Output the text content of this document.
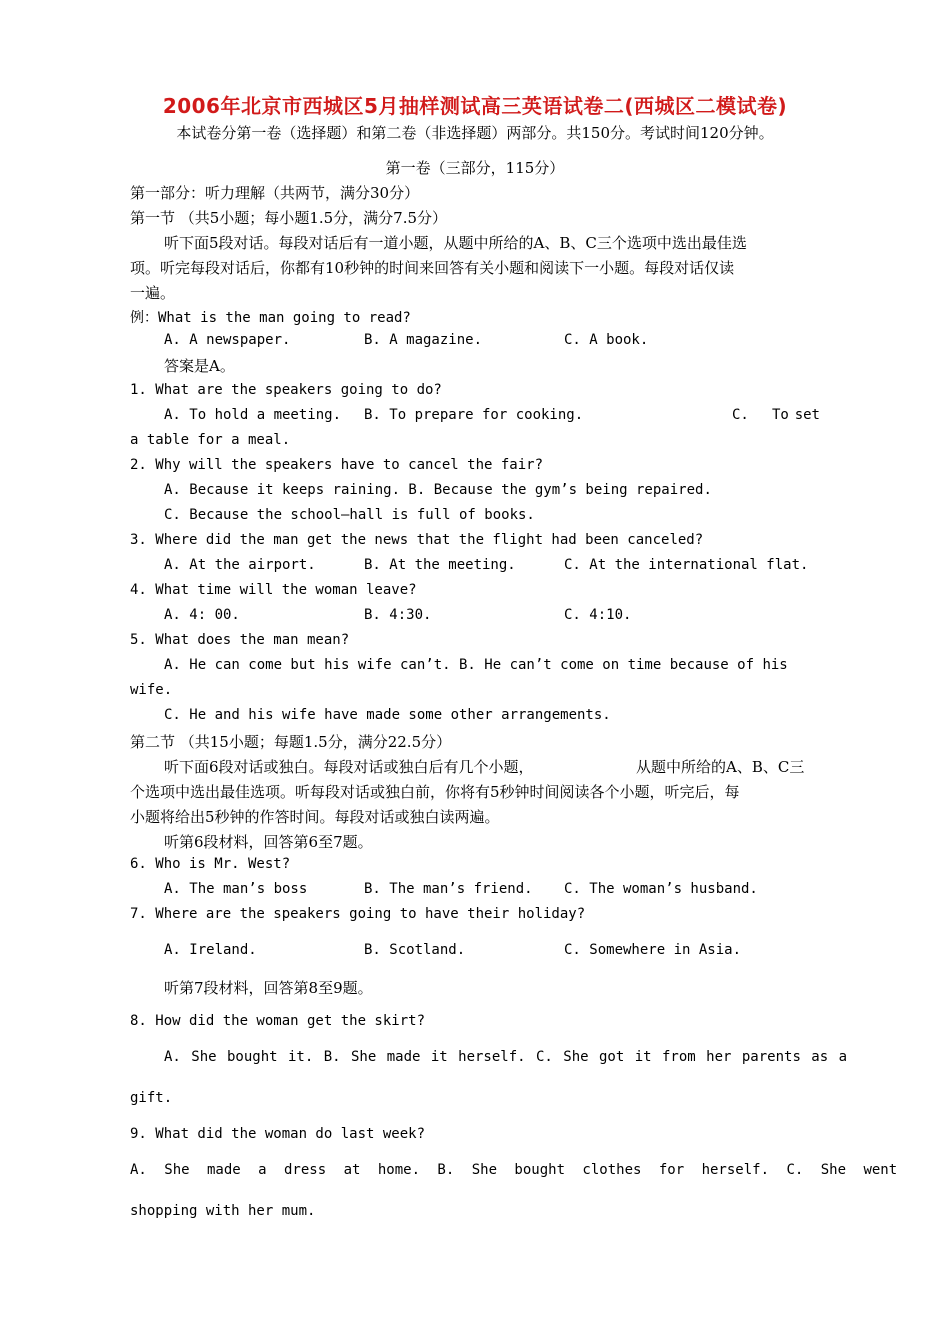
2006年北京市西城区5月抽样测试高三英语试卷二(西城区二模试卷)
本试卷分第一卷（选择题）和第二卷（非选择题）两部分。共150分。考试时间120分钟。
第一卷（三部分，115分）
第一部分：听力理解（共两节，满分30分）
第一节 （共5小题；每小题1.5分，满分7.5分）
听下面5段对话。每段对话后有一道小题，从题中所给的A、B、C三个选项中选出最佳选
项。听完每段对话后，你都有10秒钟的时间来回答有关小题和阅读下一小题。每段对话仅读
一遍。
例：What is the man going to read?
A. A newspaper.	B. A magazine.	C. A book.
答案是A。
1. What are the speakers going to do?
A. To hold a meeting. B. To prepare for cooking.	C. To set
a table for a meal.
2. Why will the speakers have to cancel the fair?
A. Because it keeps raining. B. Because the gym’s being repaired.
C. Because the school—hall is full of books.
3. Where did the man get the news that the flight had been canceled?
A. At the airport.	B. At the meeting.	C. At the international flat.
4. What time will the woman leave?
A. 4: 00.	B. 4:30.	C. 4:10.
5. What does the man mean?
A. He can come but his wife can’t. B. He can’t come on time because of his
wife.
C. He and his wife have made some other arrangements.
第二节 （共15小题；每题1.5分，满分22.5分）
听下面6段对话或独白。每段对话或独白后有几个小题，	从题中所给的A、B、C三
个选项中选出最佳选项。听每段对话或独白前，你将有5秒钟时间阅读各个小题，听完后，每
小题将给出5秒钟的作答时间。每段对话或独白读两遍。
听第6段材料，回答第6至7题。
6. Who is Mr. West?
A. The man’s boss	B. The man’s friend. C. The woman’s husband.
7. Where are the speakers going to have their holiday?
A. Ireland.	B. Scotland.	C. Somewhere in Asia.
听第7段材料，回答第8至9题。
8. How did the woman get the skirt?
A. She bought it. B. She made it herself. C. She got it from her parents as a
gift.
9. What did the woman do last week?
A. She made a dress at home. B. She bought clothes for herself. C. She went
shopping with her mum.
